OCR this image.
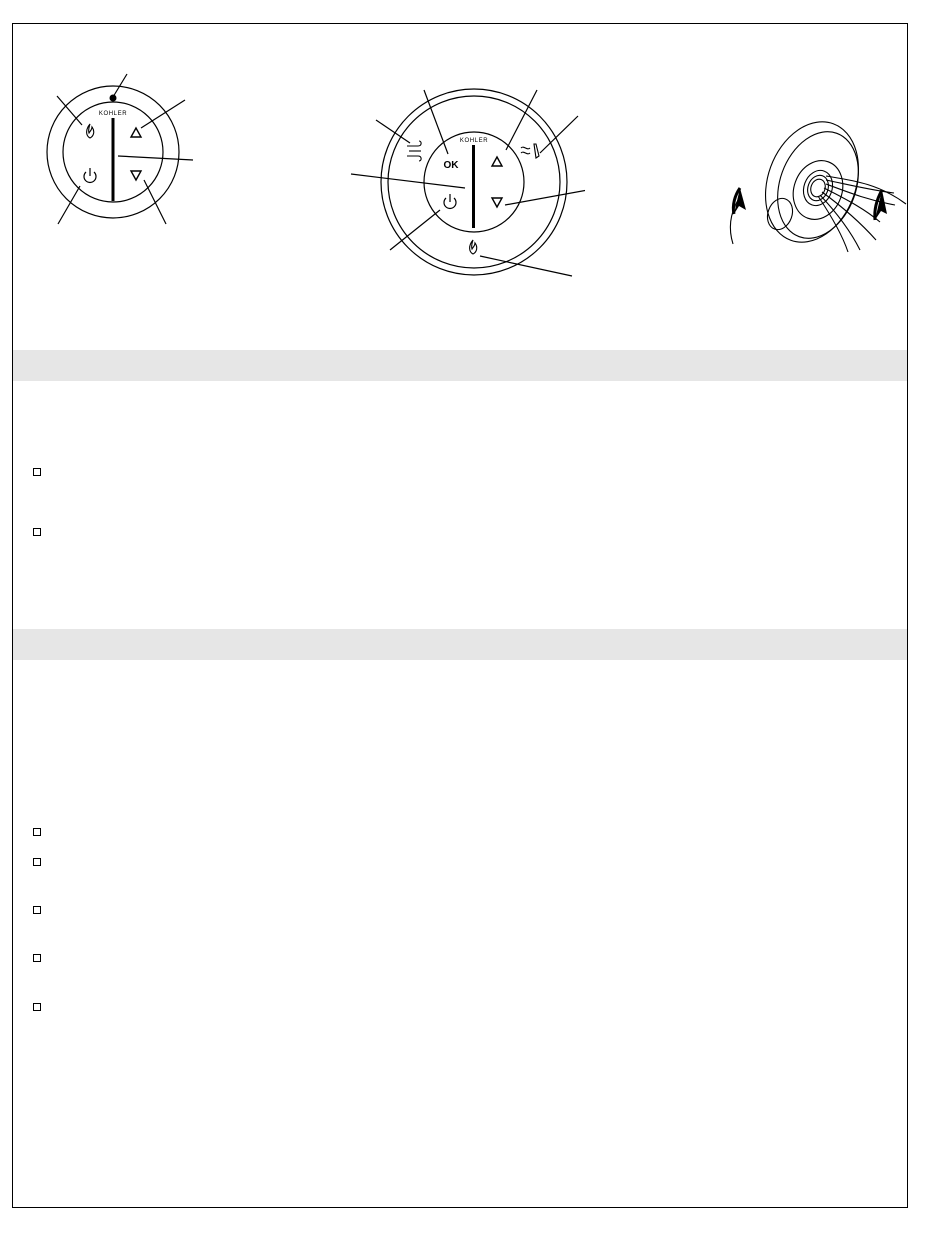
KOHLER
KOHLER
OK
